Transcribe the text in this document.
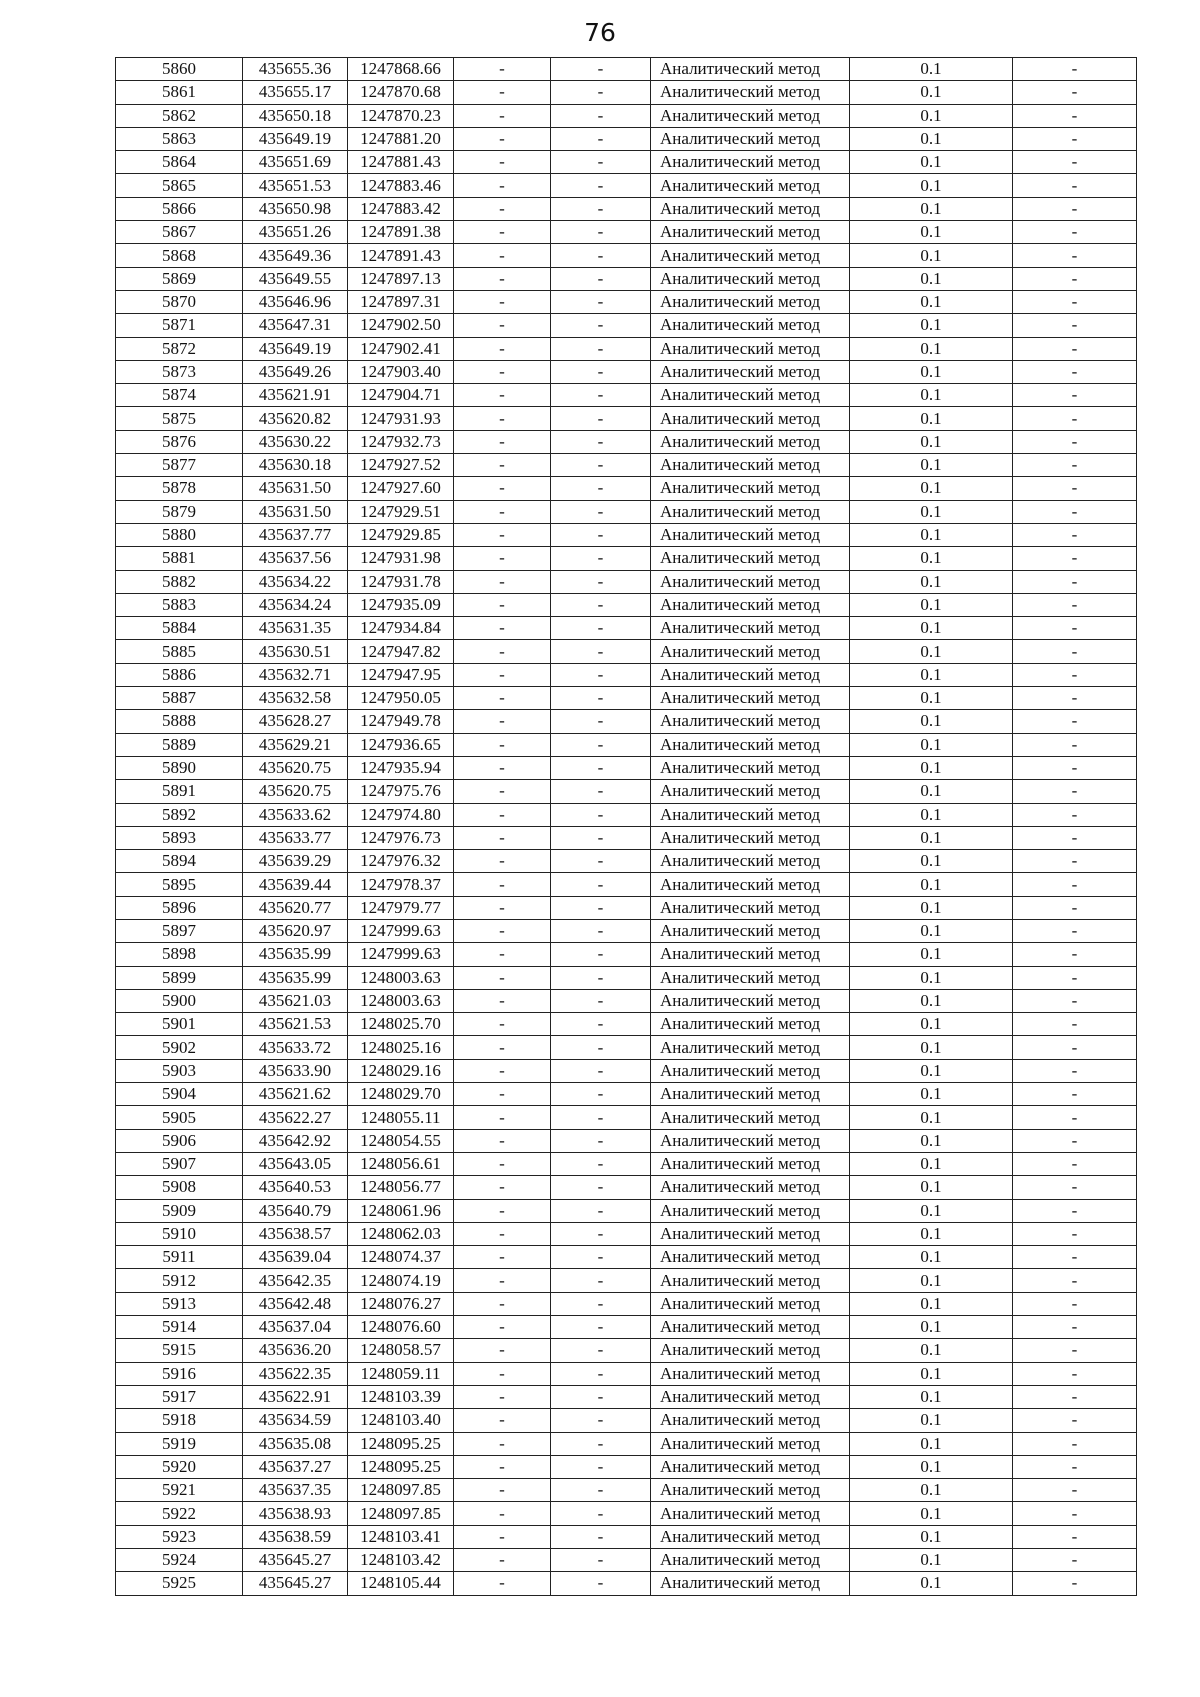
76
5860	435655.36	1247868.66	-	-	Аналитический метод	0.1	-
5861	435655.17	1247870.68	-	-	Аналитический метод	0.1	-
5862	435650.18	1247870.23	-	-	Аналитический метод	0.1	-
5863	435649.19	1247881.20	-	-	Аналитический метод	0.1	-
5864	435651.69	1247881.43	-	-	Аналитический метод	0.1	-
5865	435651.53	1247883.46	-	-	Аналитический метод	0.1	-
5866	435650.98	1247883.42	-	-	Аналитический метод	0.1	-
5867	435651.26	1247891.38	-	-	Аналитический метод	0.1	-
5868	435649.36	1247891.43	-	-	Аналитический метод	0.1	-
5869	435649.55	1247897.13	-	-	Аналитический метод	0.1	-
5870	435646.96	1247897.31	-	-	Аналитический метод	0.1	-
5871	435647.31	1247902.50	-	-	Аналитический метод	0.1	-
5872	435649.19	1247902.41	-	-	Аналитический метод	0.1	-
5873	435649.26	1247903.40	-	-	Аналитический метод	0.1	-
5874	435621.91	1247904.71	-	-	Аналитический метод	0.1	-
5875	435620.82	1247931.93	-	-	Аналитический метод	0.1	-
5876	435630.22	1247932.73	-	-	Аналитический метод	0.1	-
5877	435630.18	1247927.52	-	-	Аналитический метод	0.1	-
5878	435631.50	1247927.60	-	-	Аналитический метод	0.1	-
5879	435631.50	1247929.51	-	-	Аналитический метод	0.1	-
5880	435637.77	1247929.85	-	-	Аналитический метод	0.1	-
5881	435637.56	1247931.98	-	-	Аналитический метод	0.1	-
5882	435634.22	1247931.78	-	-	Аналитический метод	0.1	-
5883	435634.24	1247935.09	-	-	Аналитический метод	0.1	-
5884	435631.35	1247934.84	-	-	Аналитический метод	0.1	-
5885	435630.51	1247947.82	-	-	Аналитический метод	0.1	-
5886	435632.71	1247947.95	-	-	Аналитический метод	0.1	-
5887	435632.58	1247950.05	-	-	Аналитический метод	0.1	-
5888	435628.27	1247949.78	-	-	Аналитический метод	0.1	-
5889	435629.21	1247936.65	-	-	Аналитический метод	0.1	-
5890	435620.75	1247935.94	-	-	Аналитический метод	0.1	-
5891	435620.75	1247975.76	-	-	Аналитический метод	0.1	-
5892	435633.62	1247974.80	-	-	Аналитический метод	0.1	-
5893	435633.77	1247976.73	-	-	Аналитический метод	0.1	-
5894	435639.29	1247976.32	-	-	Аналитический метод	0.1	-
5895	435639.44	1247978.37	-	-	Аналитический метод	0.1	-
5896	435620.77	1247979.77	-	-	Аналитический метод	0.1	-
5897	435620.97	1247999.63	-	-	Аналитический метод	0.1	-
5898	435635.99	1247999.63	-	-	Аналитический метод	0.1	-
5899	435635.99	1248003.63	-	-	Аналитический метод	0.1	-
5900	435621.03	1248003.63	-	-	Аналитический метод	0.1	-
5901	435621.53	1248025.70	-	-	Аналитический метод	0.1	-
5902	435633.72	1248025.16	-	-	Аналитический метод	0.1	-
5903	435633.90	1248029.16	-	-	Аналитический метод	0.1	-
5904	435621.62	1248029.70	-	-	Аналитический метод	0.1	-
5905	435622.27	1248055.11	-	-	Аналитический метод	0.1	-
5906	435642.92	1248054.55	-	-	Аналитический метод	0.1	-
5907	435643.05	1248056.61	-	-	Аналитический метод	0.1	-
5908	435640.53	1248056.77	-	-	Аналитический метод	0.1	-
5909	435640.79	1248061.96	-	-	Аналитический метод	0.1	-
5910	435638.57	1248062.03	-	-	Аналитический метод	0.1	-
5911	435639.04	1248074.37	-	-	Аналитический метод	0.1	-
5912	435642.35	1248074.19	-	-	Аналитический метод	0.1	-
5913	435642.48	1248076.27	-	-	Аналитический метод	0.1	-
5914	435637.04	1248076.60	-	-	Аналитический метод	0.1	-
5915	435636.20	1248058.57	-	-	Аналитический метод	0.1	-
5916	435622.35	1248059.11	-	-	Аналитический метод	0.1	-
5917	435622.91	1248103.39	-	-	Аналитический метод	0.1	-
5918	435634.59	1248103.40	-	-	Аналитический метод	0.1	-
5919	435635.08	1248095.25	-	-	Аналитический метод	0.1	-
5920	435637.27	1248095.25	-	-	Аналитический метод	0.1	-
5921	435637.35	1248097.85	-	-	Аналитический метод	0.1	-
5922	435638.93	1248097.85	-	-	Аналитический метод	0.1	-
5923	435638.59	1248103.41	-	-	Аналитический метод	0.1	-
5924	435645.27	1248103.42	-	-	Аналитический метод	0.1	-
5925	435645.27	1248105.44	-	-	Аналитический метод	0.1	-
